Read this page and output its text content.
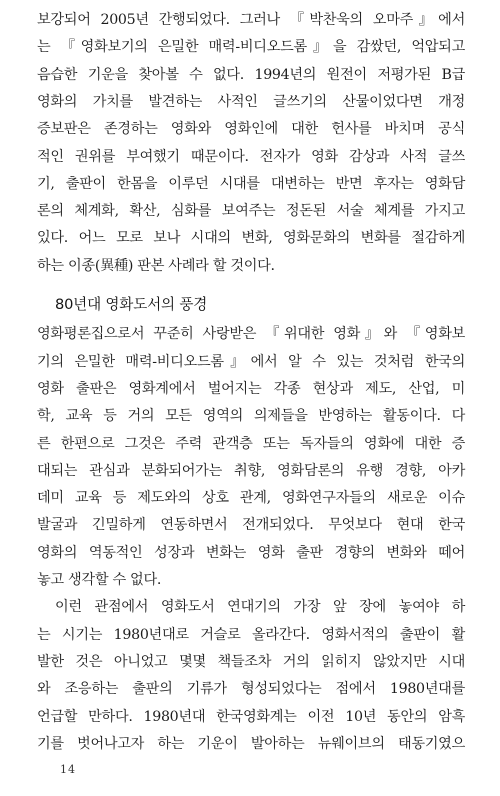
보강되어 2005년 간행되었다. 그러나 『박찬욱의 오마주』에서
는 『영화보기의 은밀한 매력-비디오드롬』을 감쌌던, 억압되고
음습한 기운을 찾아볼 수 없다. 1994년의 원전이 저평가된 B급
영화의 가치를 발견하는 사적인 글쓰기의 산물이었다면 개정
증보판은 존경하는 영화와 영화인에 대한 헌사를 바치며 공식
적인 권위를 부여했기 때문이다. 전자가 영화 감상과 사적 글쓰
기, 출판이 한몸을 이루던 시대를 대변하는 반면 후자는 영화담
론의 체계화, 확산, 심화를 보여주는 정돈된 서술 체계를 가지고
있다. 어느 모로 보나 시대의 변화, 영화문화의 변화를 절감하게
하는 이종(異種) 판본 사례라 할 것이다.
80년대 영화도서의 풍경
영화평론집으로서 꾸준히 사랑받은 『위대한 영화』와 『영화보
기의 은밀한 매력-비디오드롬』에서 알 수 있는 것처럼 한국의
영화 출판은 영화계에서 벌어지는 각종 현상과 제도, 산업, 미
학, 교육 등 거의 모든 영역의 의제들을 반영하는 활동이다. 다
른 한편으로 그것은 주력 관객층 또는 독자들의 영화에 대한 증
대되는 관심과 분화되어가는 취향, 영화담론의 유행 경향, 아카
데미 교육 등 제도와의 상호 관계, 영화연구자들의 새로운 이슈
발굴과 긴밀하게 연동하면서 전개되었다. 무엇보다 현대 한국
영화의 역동적인 성장과 변화는 영화 출판 경향의 변화와 떼어
놓고 생각할 수 없다.
이런 관점에서 영화도서 연대기의 가장 앞 장에 놓여야 하
는 시기는 1980년대로 거슬로 올라간다. 영화서적의 출판이 활
발한 것은 아니었고 몇몇 책들조차 거의 읽히지 않았지만 시대
와 조응하는 출판의 기류가 형성되었다는 점에서 1980년대를
언급할 만하다. 1980년대 한국영화계는 이전 10년 동안의 암흑
기를 벗어나고자 하는 기운이 발아하는 뉴웨이브의 태동기였으
14
